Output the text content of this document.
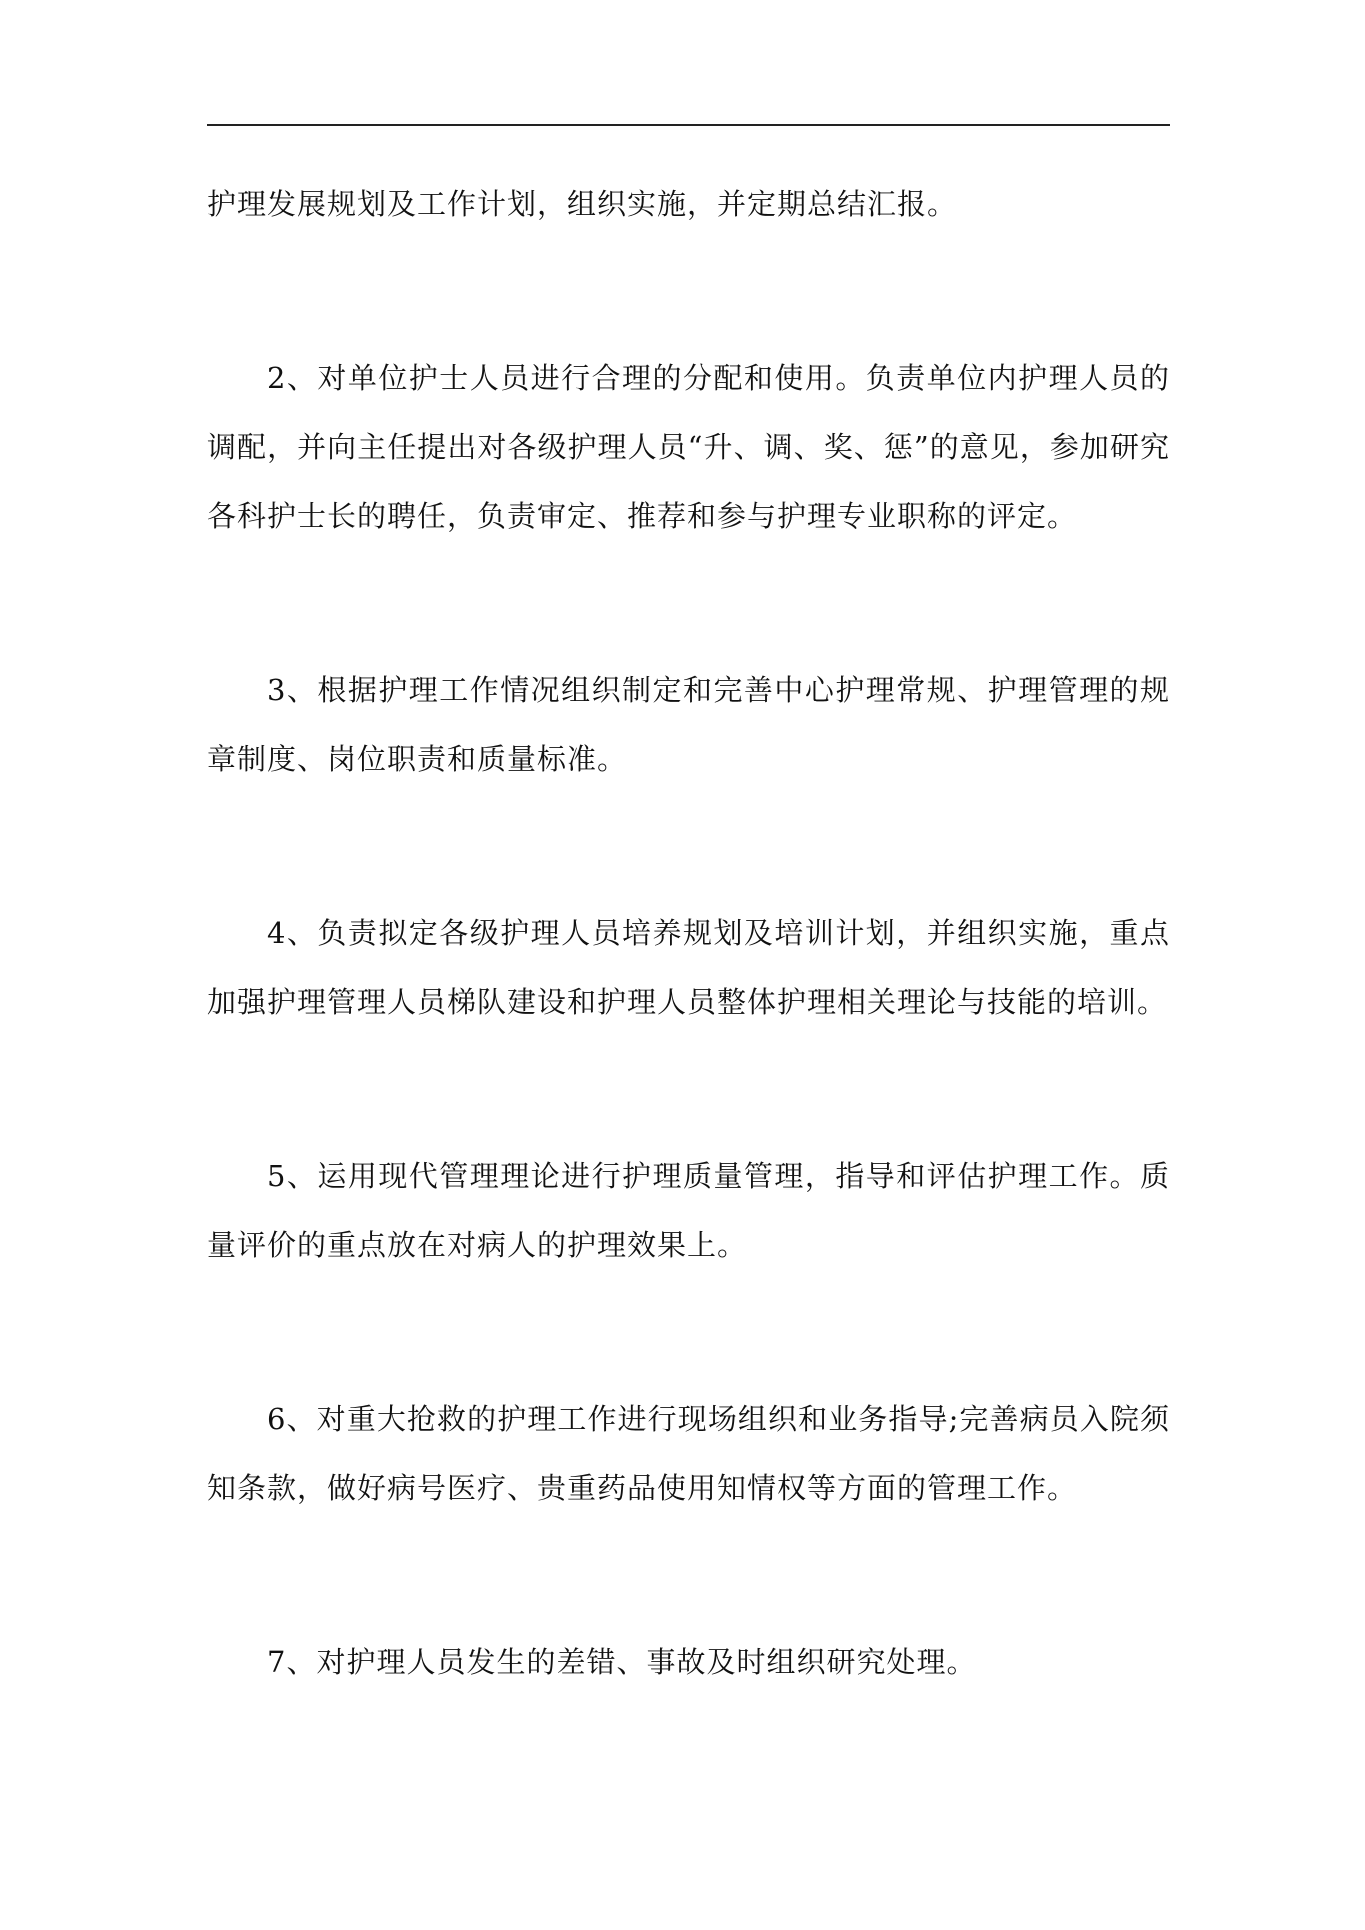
护理发展规划及工作计划，组织实施，并定期总结汇报。

2、对单位护士人员进行合理的分配和使用。负责单位内护理人员的调配，并向主任提出对各级护理人员“升、调、奖、惩”的意见，参加研究各科护士长的聘任，负责审定、推荐和参与护理专业职称的评定。

3、根据护理工作情况组织制定和完善中心护理常规、护理管理的规章制度、岗位职责和质量标准。

4、负责拟定各级护理人员培养规划及培训计划，并组织实施，重点加强护理管理人员梯队建设和护理人员整体护理相关理论与技能的培训。

5、运用现代管理理论进行护理质量管理，指导和评估护理工作。质量评价的重点放在对病人的护理效果上。

6、对重大抢救的护理工作进行现场组织和业务指导;完善病员入院须知条款，做好病号医疗、贵重药品使用知情权等方面的管理工作。

7、对护理人员发生的差错、事故及时组织研究处理。
